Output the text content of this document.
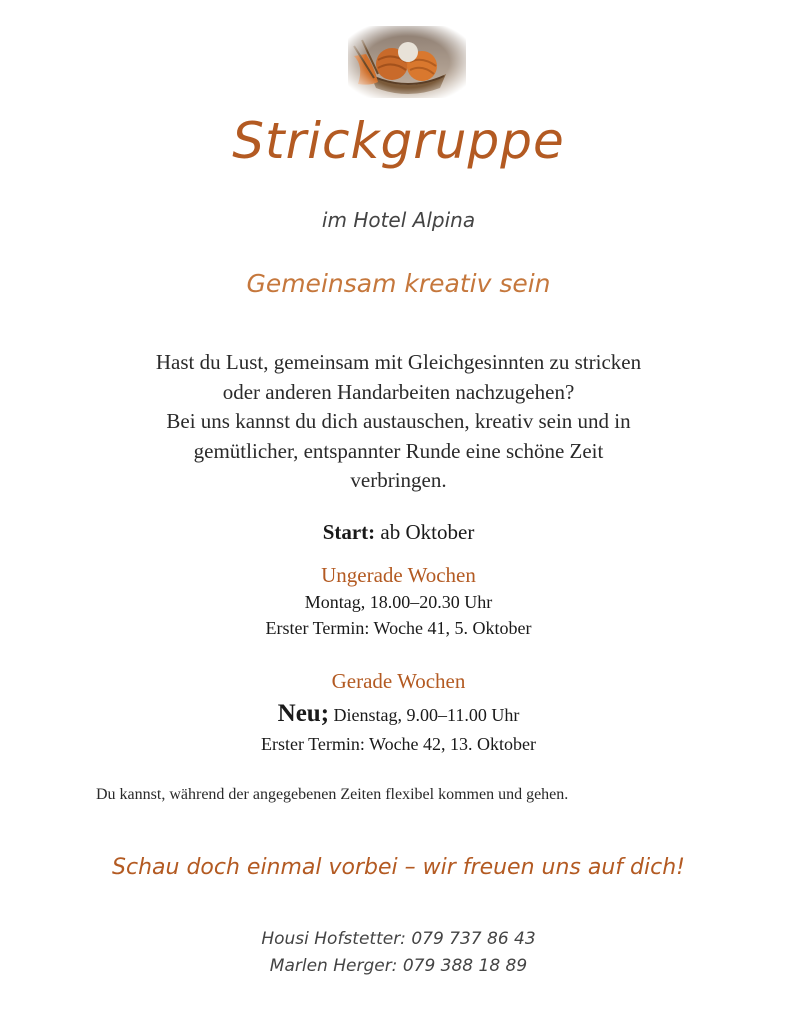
Strickgruppe
im Hotel Alpina
Gemeinsam kreativ sein
Hast du Lust, gemeinsam mit Gleichgesinnten zu stricken
oder anderen Handarbeiten nachzugehen?
Bei uns kannst du dich austauschen, kreativ sein und in
gemütlicher, entspannter Runde eine schöne Zeit
verbringen.
Start: ab Oktober
Ungerade Wochen
Montag, 18.00–20.30 Uhr
Erster Termin: Woche 41, 5. Oktober
Gerade Wochen
Neu; Dienstag, 9.00–11.00 Uhr
Erster Termin: Woche 42, 13. Oktober
Du kannst, während der angegebenen Zeiten flexibel kommen und gehen.
Schau doch einmal vorbei – wir freuen uns auf dich!
Housi Hofstetter: 079 737 86 43
Marlen Herger: 079 388 18 89
